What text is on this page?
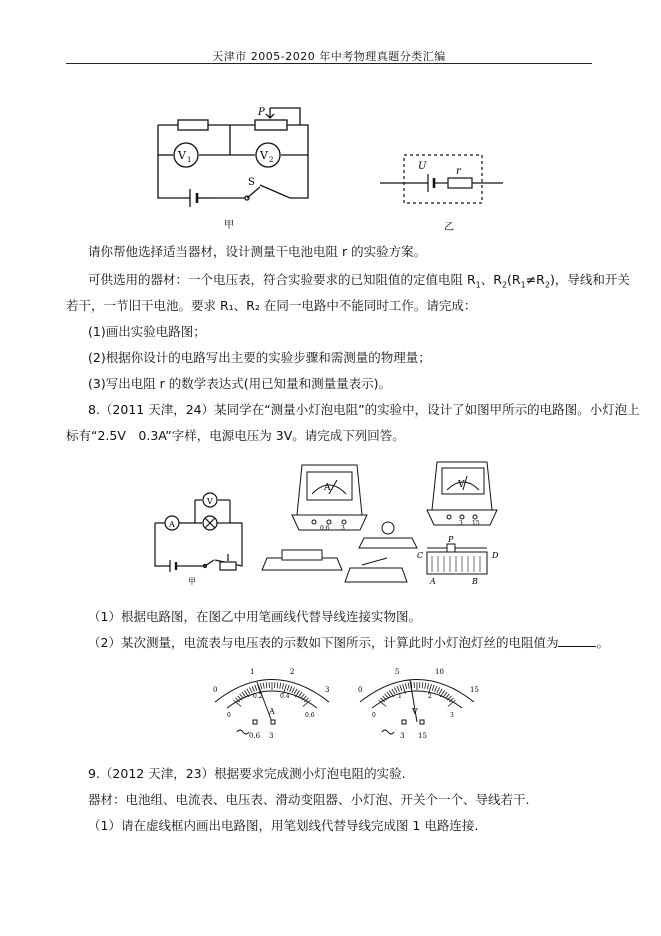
天津市 2005-2020 年中考物理真题分类汇编
V 1	V 2
P
S
甲
U	r
乙
请你帮他选择适当器材，设计测量干电池电阻 r 的实验方案。
可供选用的器材：一个电压表，符合实验要求的已知阻值的定值电阻 $R_1$、$R_2(R_1\ne R_2)$，导线和开关
若干，一节旧干电池。要求 R₁、R₂ 在同一电路中不能同时工作。请完成：
(1)画出实验电路图；
(2)根据你设计的电路写出主要的实验步骤和需测量的物理量；
(3)写出电阻 r 的数学表达式(用已知量和测量量表示)。
8.（2011 天津，24）某同学在“测量小灯泡电阻”的实验中，设计了如图甲所示的电路图。小灯泡上
标有“2.5V　0.3A”字样，电源电压为 3V。请完成下列回答。
A
V
甲
A	V
0.6 3
3 15
C	D
P
A	B
（1）根据电路图，在图乙中用笔画线代替导线连接实物图。
（2）某次测量，电流表与电压表的示数如下图所示，计算此时小灯泡灯丝的电阻值为	。
0
1	2
3
0
0.2	0.4
0.6
A
0.6 3
0
5	10
15
0
1	2
3
V
3 15
9.（2012 天津，23）根据要求完成测小灯泡电阻的实验.
器材：电池组、电流表、电压表、滑动变阻器、小灯泡、开关个一个、导线若干.
（1）请在虚线框内画出电路图，用笔划线代替导线完成图 1 电路连接.
